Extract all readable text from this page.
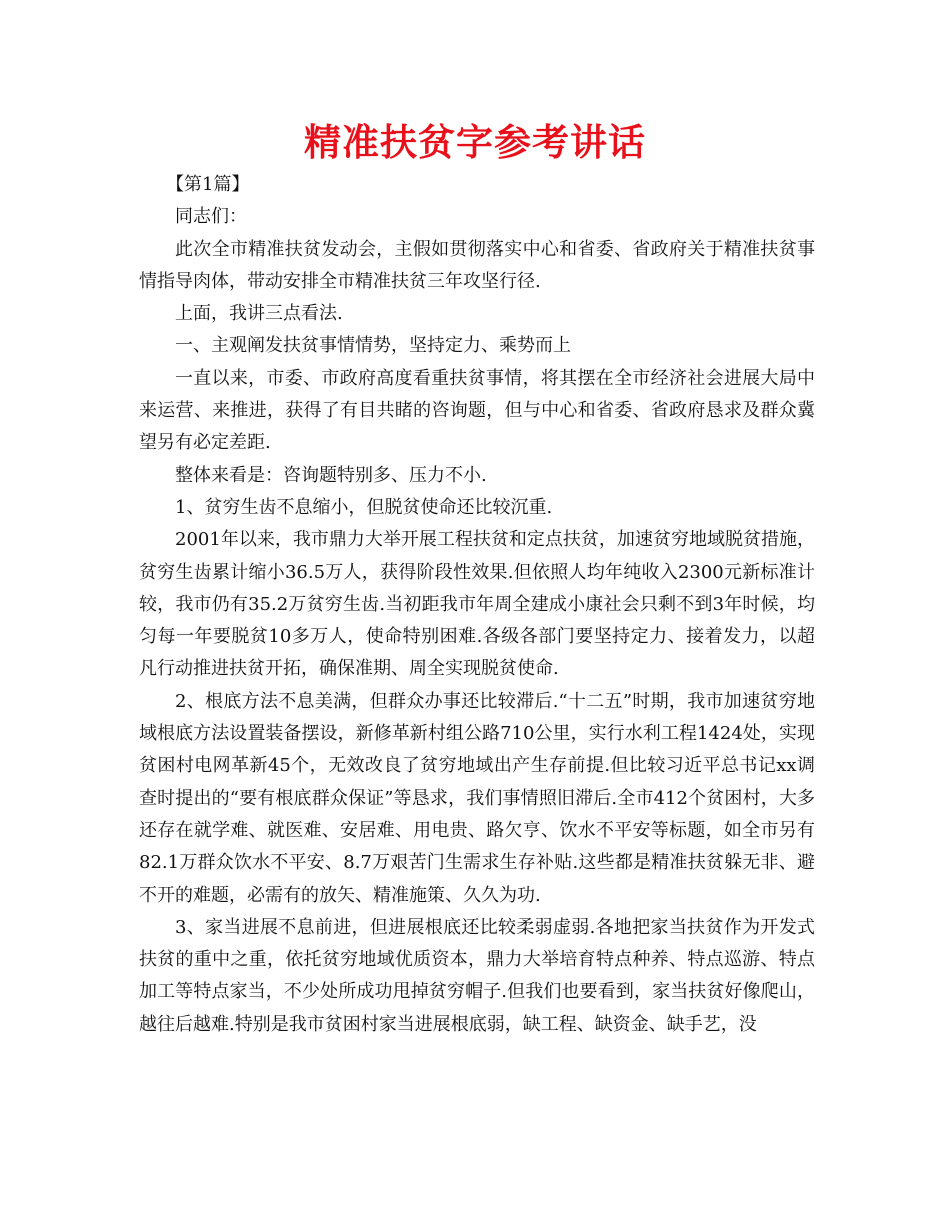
精准扶贫字参考讲话

【第1篇】

同志们：

此次全市精准扶贫发动会，主假如贯彻落实中心和省委、省政府关于精准扶贫事情指导肉体，带动安排全市精准扶贫三年攻坚行径.

上面，我讲三点看法.

一、主观阐发扶贫事情情势，坚持定力、乘势而上

一直以来，市委、市政府高度看重扶贫事情，将其摆在全市经济社会进展大局中来运营、来推进，获得了有目共睹的咨询题，但与中心和省委、省政府恳求及群众冀望另有必定差距.

整体来看是：咨询题特别多、压力不小.

1、贫穷生齿不息缩小，但脱贫使命还比较沉重.

2001年以来，我市鼎力大举开展工程扶贫和定点扶贫，加速贫穷地域脱贫措施，贫穷生齿累计缩小36.5万人，获得阶段性效果.但依照人均年纯收入2300元新标准计较，我市仍有35.2万贫穷生齿.当初距我市年周全建成小康社会只剩不到3年时候，均匀每一年要脱贫10多万人，使命特别困难.各级各部门要坚持定力、接着发力，以超凡行动推进扶贫开拓，确保准期、周全实现脱贫使命.

2、根底方法不息美满，但群众办事还比较滞后.“十二五”时期，我市加速贫穷地域根底方法设置装备摆设，新修革新村组公路710公里，实行水利工程1424处，实现贫困村电网革新45个，无效改良了贫穷地域出产生存前提.但比较习近平总书记xx调查时提出的“要有根底群众保证”等恳求，我们事情照旧滞后.全市412个贫困村，大多还存在就学难、就医难、安居难、用电贵、路欠亨、饮水不平安等标题，如全市另有82.1万群众饮水不平安、8.7万艰苦门生需求生存补贴.这些都是精准扶贫躲无非、避不开的难题，必需有的放矢、精准施策、久久为功.

3、家当进展不息前进，但进展根底还比较柔弱虚弱.各地把家当扶贫作为开发式扶贫的重中之重，依托贫穷地域优质资本，鼎力大举培育特点种养、特点巡游、特点加工等特点家当，不少处所成功甩掉贫穷帽子.但我们也要看到，家当扶贫好像爬山，越往后越难.特别是我市贫困村家当进展根底弱，缺工程、缺资金、缺手艺，没
